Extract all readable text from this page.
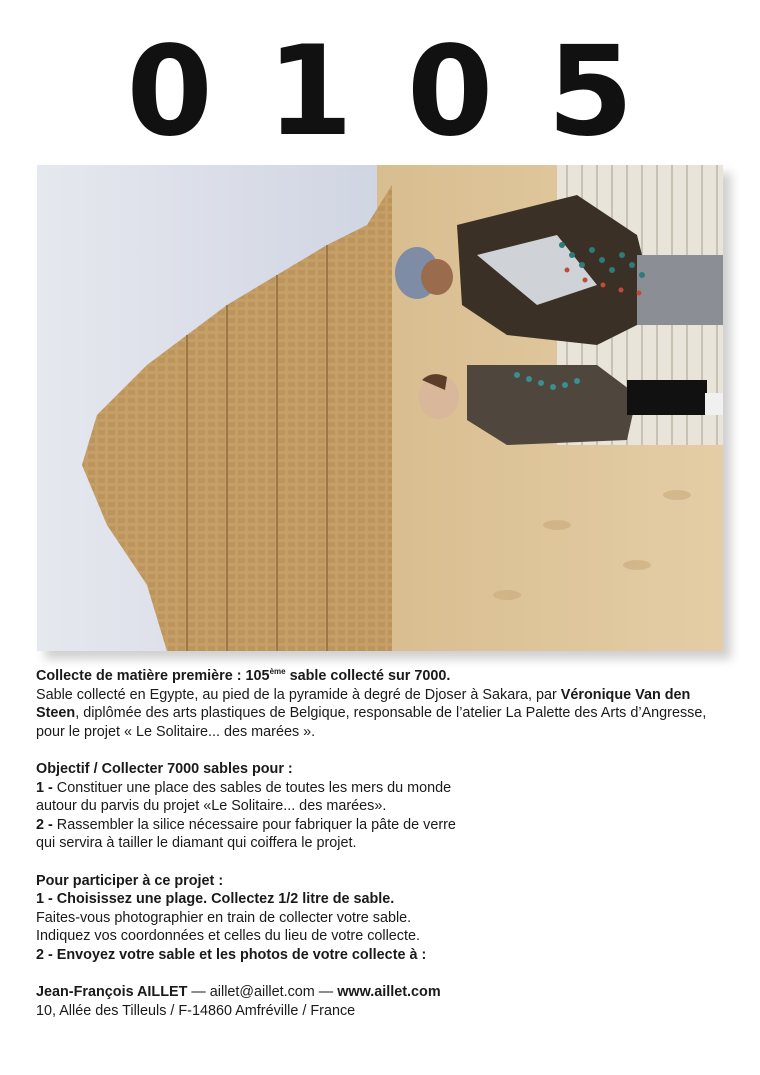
0105

Collecte de matière première : 105ème sable collecté sur 7000.

Sable collecté en Egypte, au pied de la pyramide à degré de Djoser à Sakara, par Véronique Van den Steen, diplômée des arts plastiques de Belgique, responsable de l’atelier La Palette des Arts d’Angresse, pour le projet « Le Solitaire... des marées ».

Objectif / Collecter 7000 sables pour :

1 - Constituer une place des sables de toutes les mers du monde

autour du parvis du projet «Le Solitaire... des marées».

2 - Rassembler la silice nécessaire pour fabriquer la pâte de verre

qui servira à tailler le diamant qui coiffera le projet.

Pour participer à ce projet :

1 - Choisissez une plage. Collectez 1/2 litre de sable.

Faites-vous photographier en train de collecter votre sable.

Indiquez vos coordonnées et celles du lieu de votre collecte.

2 - Envoyez votre sable et les photos de votre collecte à :

Jean-François AILLET — aillet@aillet.com — www.aillet.com

10, Allée des Tilleuls / F-14860 Amfréville / France
